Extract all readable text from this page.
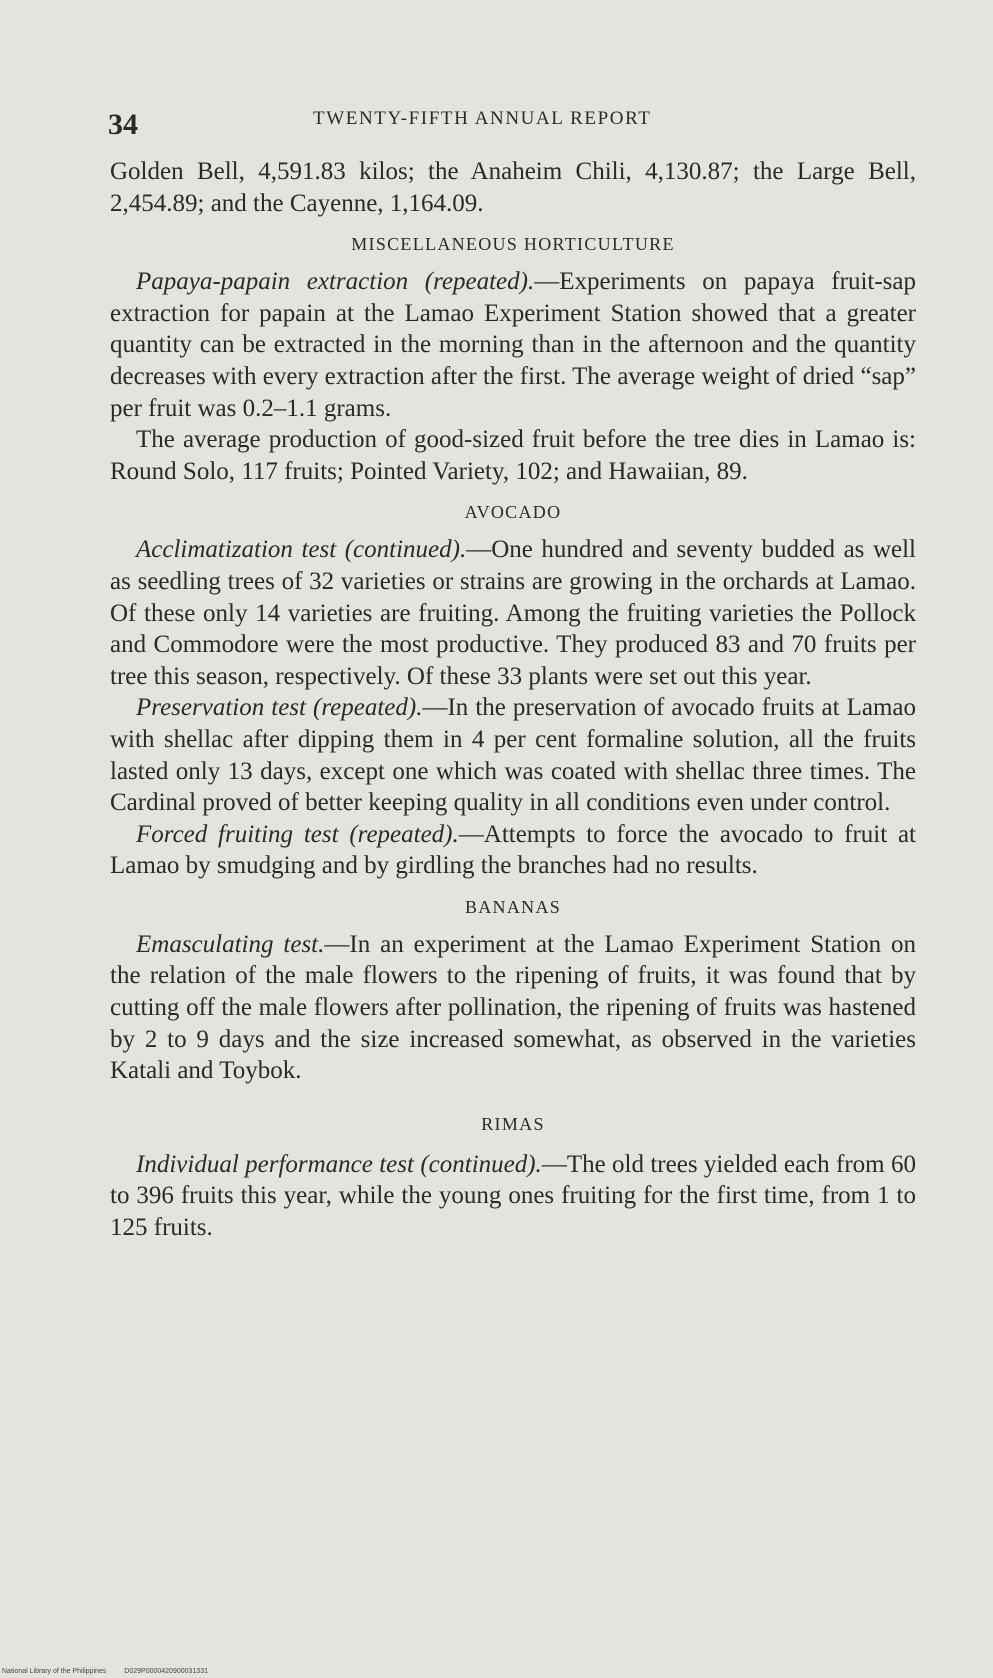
34	TWENTY-FIFTH ANNUAL REPORT

Golden Bell, 4,591.83 kilos; the Anaheim Chili, 4,130.87; the Large Bell, 2,454.89; and the Cayenne, 1,164.09.

MISCELLANEOUS HORTICULTURE

Papaya-papain extraction (repeated).—Experiments on papaya fruit-sap extraction for papain at the Lamao Experiment Station showed that a greater quantity can be extracted in the morning than in the afternoon and the quantity decreases with every extraction after the first. The average weight of dried “sap” per fruit was 0.2–1.1 grams.

The average production of good-sized fruit before the tree dies in Lamao is: Round Solo, 117 fruits; Pointed Variety, 102; and Hawaiian, 89.

AVOCADO

Acclimatization test (continued).—One hundred and seventy budded as well as seedling trees of 32 varieties or strains are growing in the orchards at Lamao. Of these only 14 varieties are fruiting. Among the fruiting varieties the Pollock and Commodore were the most productive. They produced 83 and 70 fruits per tree this season, respectively. Of these 33 plants were set out this year.

Preservation test (repeated).—In the preservation of avocado fruits at Lamao with shellac after dipping them in 4 per cent formaline solution, all the fruits lasted only 13 days, except one which was coated with shellac three times. The Cardinal proved of better keeping quality in all conditions even under control.

Forced fruiting test (repeated).—Attempts to force the avocado to fruit at Lamao by smudging and by girdling the branches had no results.

BANANAS

Emasculating test.—In an experiment at the Lamao Experiment Station on the relation of the male flowers to the ripening of fruits, it was found that by cutting off the male flowers after pollination, the ripening of fruits was hastened by 2 to 9 days and the size increased somewhat, as observed in the varieties Katali and Toybok.

RIMAS

Individual performance test (continued).—The old trees yielded each from 60 to 396 fruits this year, while the young ones fruiting for the first time, from 1 to 125 fruits.

National Library of the Philippines	D029P0000420900031331
